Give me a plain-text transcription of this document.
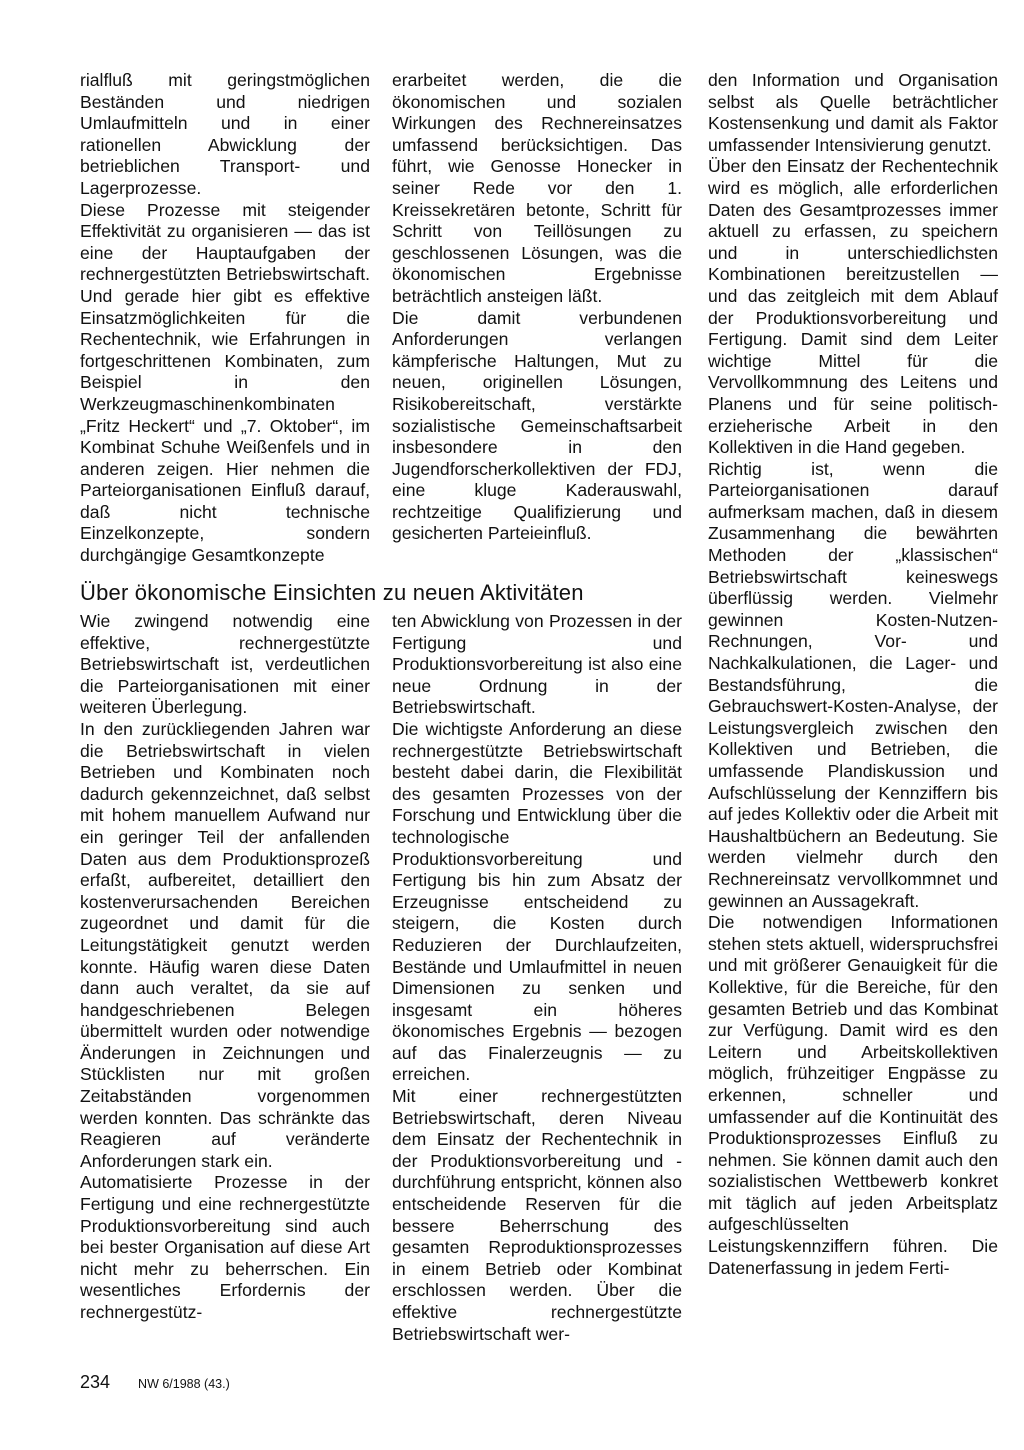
rialfluß mit geringstmöglichen Beständen und niedrigen Umlaufmitteln und in einer rationellen Abwicklung der betrieblichen Transport- und Lagerprozesse.
Diese Prozesse mit steigender Effektivität zu organisieren — das ist eine der Hauptaufgaben der rechnergestützten Betriebswirtschaft. Und gerade hier gibt es effektive Einsatzmöglichkeiten für die Rechentechnik, wie Erfahrungen in fortgeschrittenen Kombinaten, zum Beispiel in den Werkzeugmaschinenkombinaten „Fritz Heckert“ und „7. Oktober“, im Kombinat Schuhe Weißenfels und in anderen zeigen. Hier nehmen die Parteiorganisationen Einfluß darauf, daß nicht technische Einzelkonzepte, sondern durchgängige Gesamtkonzepte
erarbeitet werden, die die ökonomischen und sozialen Wirkungen des Rechnereinsatzes umfassend berücksichtigen. Das führt, wie Genosse Honecker in seiner Rede vor den 1. Kreissekretären betonte, Schritt für Schritt von Teillösungen zu geschlossenen Lösungen, was die ökonomischen Ergebnisse beträchtlich ansteigen läßt.
Die damit verbundenen Anforderungen verlangen kämpferische Haltungen, Mut zu neuen, originellen Lösungen, Risikobereitschaft, verstärkte sozialistische Gemeinschaftsarbeit insbesondere in den Jugendforscherkollektiven der FDJ, eine kluge Kaderauswahl, rechtzeitige Qualifizierung und gesicherten Parteieinfluß.
den Information und Organisation selbst als Quelle beträchtlicher Kostensenkung und damit als Faktor umfassender Intensivierung genutzt.
Über den Einsatz der Rechentechnik wird es möglich, alle erforderlichen Daten des Gesamtprozesses immer aktuell zu erfassen, zu speichern und in unterschiedlichsten Kombinationen bereitzustellen — und das zeitgleich mit dem Ablauf der Produktionsvorbereitung und Fertigung. Damit sind dem Leiter wichtige Mittel für die Vervollkommnung des Leitens und Planens und für seine politisch-erzieherische Arbeit in den Kollektiven in die Hand gegeben.
Richtig ist, wenn die Parteiorganisationen darauf aufmerksam machen, daß in diesem Zusammenhang die bewährten Methoden der „klassischen“ Betriebswirtschaft keineswegs überflüssig werden. Vielmehr gewinnen Kosten-Nutzen-Rechnungen, Vor- und Nachkalkulationen, die Lager- und Bestandsführung, die Gebrauchswert-Kosten-Analyse, der Leistungsvergleich zwischen den Kollektiven und Betrieben, die umfassende Plandiskussion und Aufschlüsselung der Kennziffern bis auf jedes Kollektiv oder die Arbeit mit Haushaltbüchern an Bedeutung. Sie werden vielmehr durch den Rechnereinsatz vervollkommnet und gewinnen an Aussagekraft.
Die notwendigen Informationen stehen stets aktuell, widerspruchsfrei und mit größerer Genauigkeit für die Kollektive, für die Bereiche, für den gesamten Betrieb und das Kombinat zur Verfügung. Damit wird es den Leitern und Arbeitskollektiven möglich, frühzeitiger Engpässe zu erkennen, schneller und umfassender auf die Kontinuität des Produktionsprozesses Einfluß zu nehmen. Sie können damit auch den sozialistischen Wettbewerb konkret mit täglich auf jeden Arbeitsplatz aufgeschlüsselten Leistungskennziffern führen. Die Datenerfassung in jedem Ferti-
Über ökonomische Einsichten zu neuen Aktivitäten
Wie zwingend notwendig eine effektive, rechnergestützte Betriebswirtschaft ist, verdeutlichen die Parteiorganisationen mit einer weiteren Überlegung.
In den zurückliegenden Jahren war die Betriebswirtschaft in vielen Betrieben und Kombinaten noch dadurch gekennzeichnet, daß selbst mit hohem manuellem Aufwand nur ein geringer Teil der anfallenden Daten aus dem Produktionsprozeß erfaßt, aufbereitet, detailliert den kostenverursachenden Bereichen zugeordnet und damit für die Leitungstätigkeit genutzt werden konnte. Häufig waren diese Daten dann auch veraltet, da sie auf handgeschriebenen Belegen übermittelt wurden oder notwendige Änderungen in Zeichnungen und Stücklisten nur mit großen Zeitabständen vorgenommen werden konnten. Das schränkte das Reagieren auf veränderte Anforderungen stark ein.
Automatisierte Prozesse in der Fertigung und eine rechnergestützte Produktionsvorbereitung sind auch bei bester Organisation auf diese Art nicht mehr zu beherrschen. Ein wesentliches Erfordernis der rechnergestütz-
ten Abwicklung von Prozessen in der Fertigung und Produktionsvorbereitung ist also eine neue Ordnung in der Betriebswirtschaft.
Die wichtigste Anforderung an diese rechnergestützte Betriebswirtschaft besteht dabei darin, die Flexibilität des gesamten Prozesses von der Forschung und Entwicklung über die technologische Produktionsvorbereitung und Fertigung bis hin zum Absatz der Erzeugnisse entscheidend zu steigern, die Kosten durch Reduzieren der Durchlaufzeiten, Bestände und Umlaufmittel in neuen Dimensionen zu senken und insgesamt ein höheres ökonomisches Ergebnis — bezogen auf das Finalerzeugnis — zu erreichen.
Mit einer rechnergestützten Betriebswirtschaft, deren Niveau dem Einsatz der Rechentechnik in der Produktionsvorbereitung und -durchführung entspricht, können also entscheidende Reserven für die bessere Beherrschung des gesamten Reproduktionsprozesses in einem Betrieb oder Kombinat erschlossen werden. Über die effektive rechnergestützte Betriebswirtschaft wer-
234 NW 6/1988 (43.)
